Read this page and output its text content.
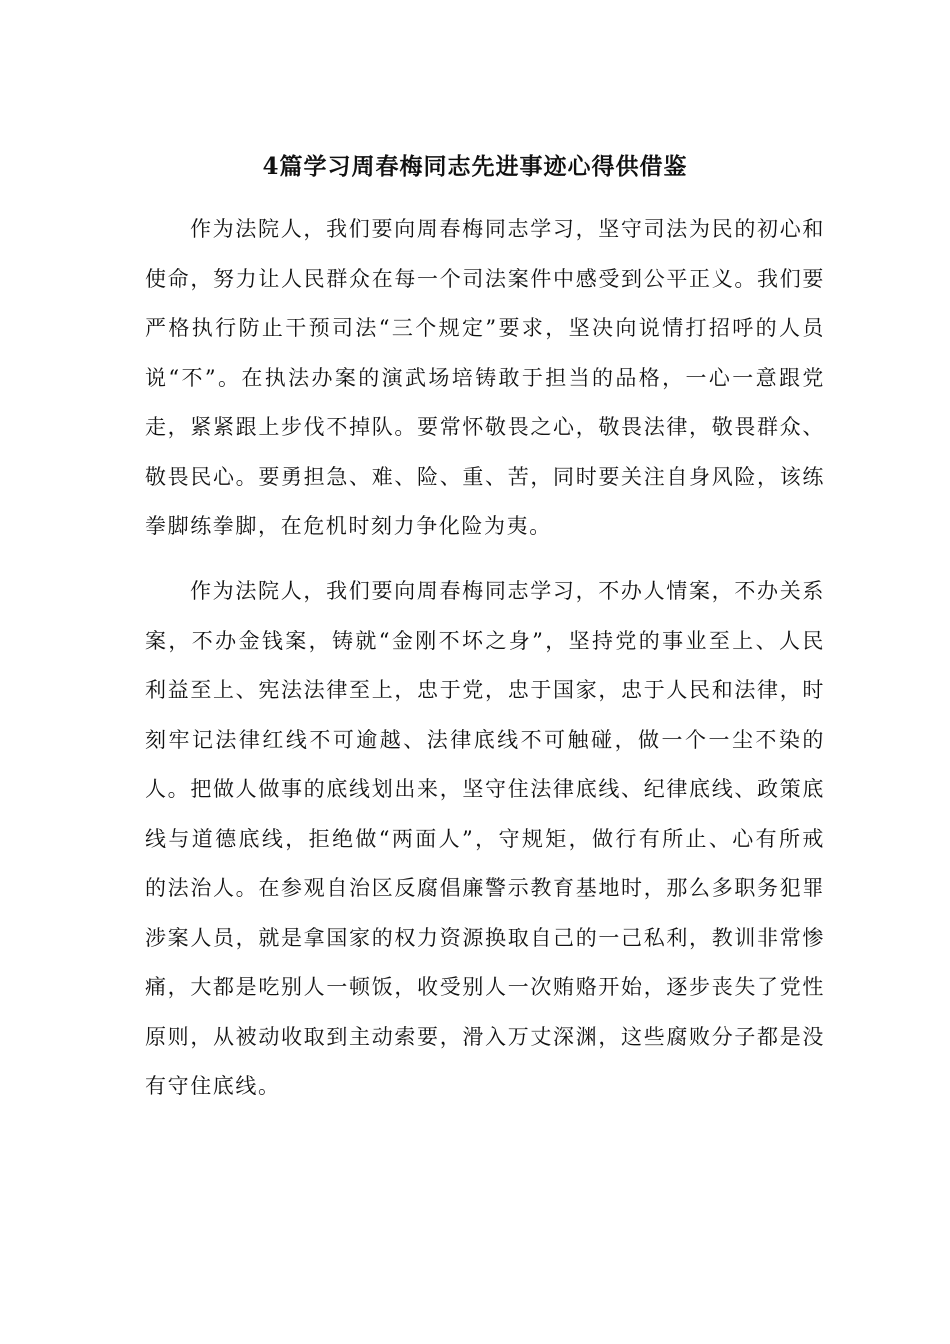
4篇学习周春梅同志先进事迹心得供借鉴

作为法院人，我们要向周春梅同志学习，坚守司法为民的初心和使命，努力让人民群众在每一个司法案件中感受到公平正义。我们要严格执行防止干预司法“三个规定”要求，坚决向说情打招呼的人员说“不”。在执法办案的演武场培铸敢于担当的品格，一心一意跟党走，紧紧跟上步伐不掉队。要常怀敬畏之心，敬畏法律，敬畏群众、敬畏民心。要勇担急、难、险、重、苦，同时要关注自身风险，该练拳脚练拳脚，在危机时刻力争化险为夷。

作为法院人，我们要向周春梅同志学习，不办人情案，不办关系案，不办金钱案，铸就“金刚不坏之身”，坚持党的事业至上、人民利益至上、宪法法律至上，忠于党，忠于国家，忠于人民和法律，时刻牢记法律红线不可逾越、法律底线不可触碰，做一个一尘不染的人。把做人做事的底线划出来，坚守住法律底线、纪律底线、政策底线与道德底线，拒绝做“两面人”，守规矩，做行有所止、心有所戒的法治人。在参观自治区反腐倡廉警示教育基地时，那么多职务犯罪涉案人员，就是拿国家的权力资源换取自己的一己私利，教训非常惨痛，大都是吃别人一顿饭，收受别人一次贿赂开始，逐步丧失了党性原则，从被动收取到主动索要，滑入万丈深渊，这些腐败分子都是没有守住底线。
